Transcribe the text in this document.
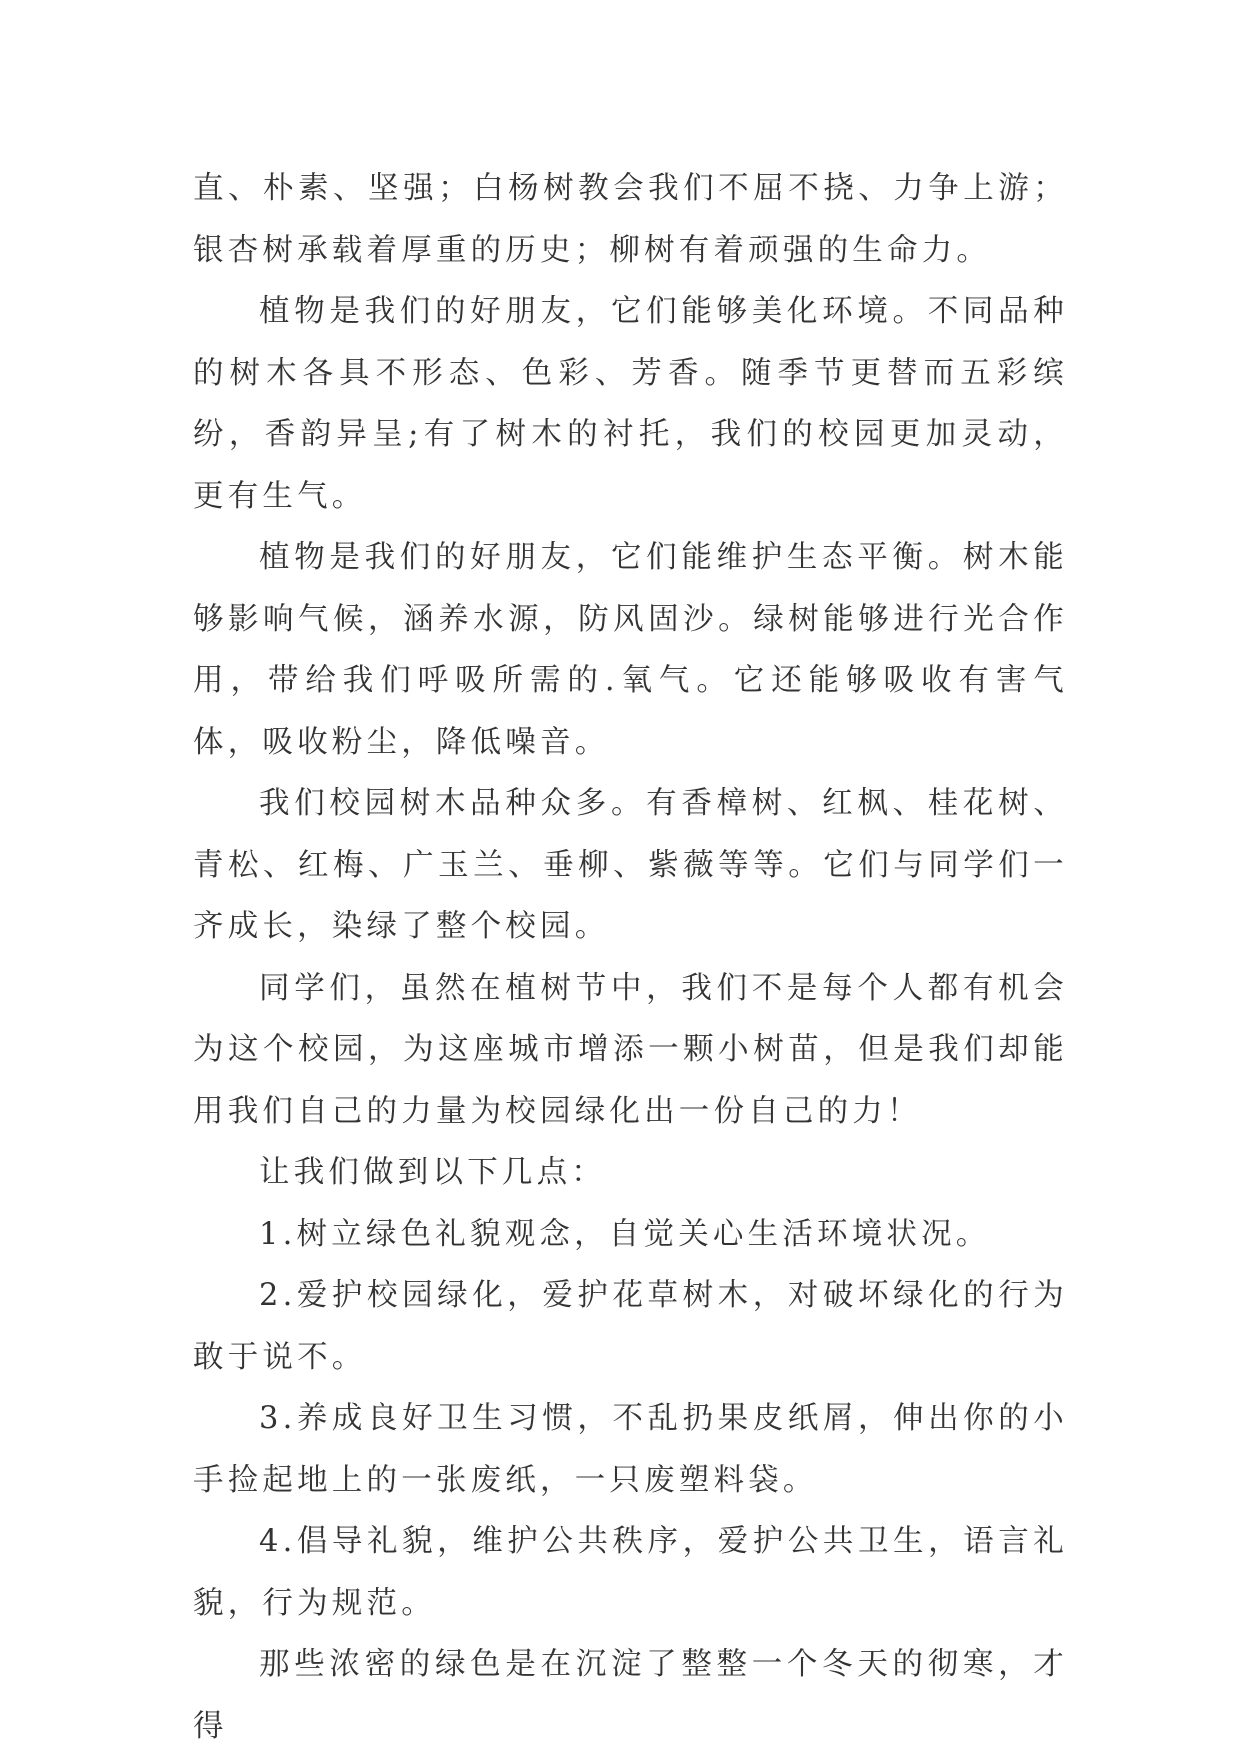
直、朴素、坚强；白杨树教会我们不屈不挠、力争上游；银杏树承载着厚重的历史；柳树有着顽强的生命力。

植物是我们的好朋友，它们能够美化环境。不同品种的树木各具不形态、色彩、芳香。随季节更替而五彩缤纷，香韵异呈;有了树木的衬托，我们的校园更加灵动，更有生气。

植物是我们的好朋友，它们能维护生态平衡。树木能够影响气候，涵养水源，防风固沙。绿树能够进行光合作用，带给我们呼吸所需的.氧气。它还能够吸收有害气体，吸收粉尘，降低噪音。

我们校园树木品种众多。有香樟树、红枫、桂花树、青松、红梅、广玉兰、垂柳、紫薇等等。它们与同学们一齐成长，染绿了整个校园。

同学们，虽然在植树节中，我们不是每个人都有机会为这个校园，为这座城市增添一颗小树苗，但是我们却能用我们自己的力量为校园绿化出一份自己的力！

让我们做到以下几点：

1.树立绿色礼貌观念，自觉关心生活环境状况。

2.爱护校园绿化，爱护花草树木，对破坏绿化的行为敢于说不。

3.养成良好卫生习惯，不乱扔果皮纸屑，伸出你的小手捡起地上的一张废纸，一只废塑料袋。

4.倡导礼貌，维护公共秩序，爱护公共卫生，语言礼貌，行为规范。

那些浓密的绿色是在沉淀了整整一个冬天的彻寒，才得
